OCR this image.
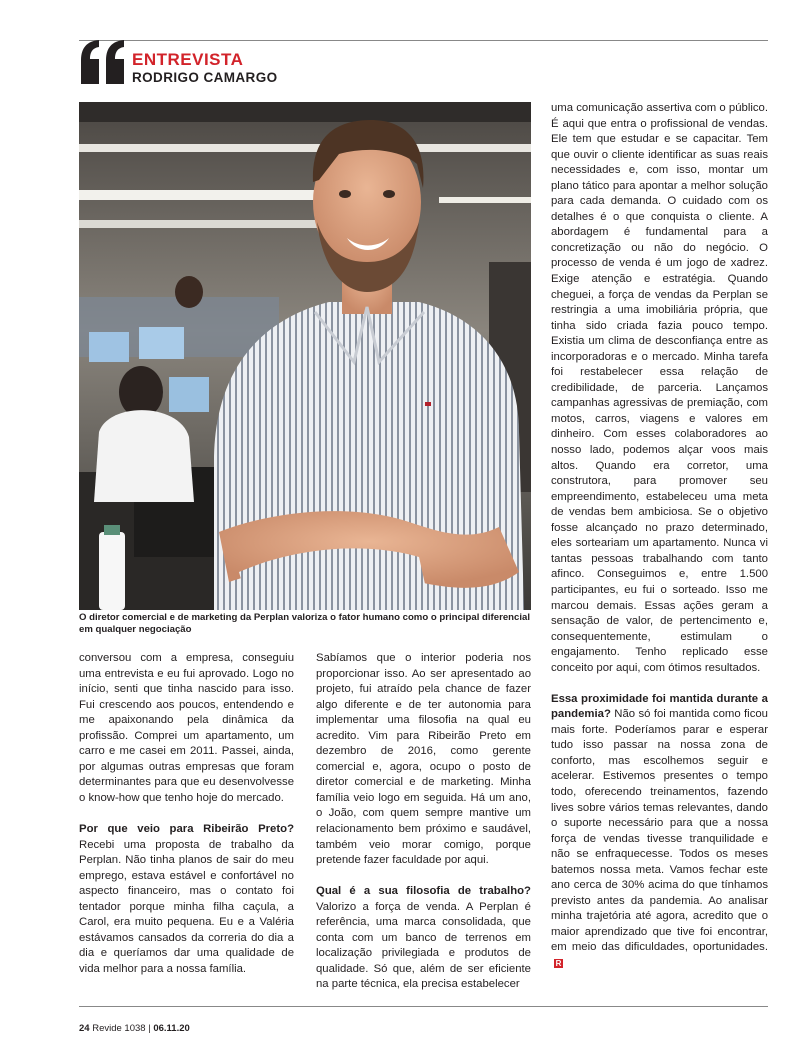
ENTREVISTA
RODRIGO CAMARGO
O diretor comercial e de marketing da Perplan valoriza o fator humano como o principal diferencial em qualquer negociação

conversou com a empresa, conseguiu uma entrevista e eu fui aprovado. Logo no início, senti que tinha nascido para isso. Fui crescendo aos poucos, entendendo e me apaixonando pela dinâmica da profissão. Comprei um apartamento, um carro e me casei em 2011. Passei, ainda, por algumas outras empresas que foram determinantes para que eu desenvolvesse o know-how que tenho hoje do mercado.

Por que veio para Ribeirão Preto? Recebi uma proposta de trabalho da Perplan. Não tinha planos de sair do meu emprego, estava estável e confortável no aspecto financeiro, mas o contato foi tentador porque minha filha caçula, a Carol, era muito pequena. Eu e a Valéria estávamos cansados da correria do dia a dia e queríamos dar uma qualidade de vida melhor para a nossa família.

Sabíamos que o interior poderia nos proporcionar isso. Ao ser apresentado ao projeto, fui atraído pela chance de fazer algo diferente e de ter autonomia para implementar uma filosofia na qual eu acredito. Vim para Ribeirão Preto em dezembro de 2016, como gerente comercial e, agora, ocupo o posto de diretor comercial e de marketing. Minha família veio logo em seguida. Há um ano, o João, com quem sempre mantive um relacionamento bem próximo e saudável, também veio morar comigo, porque pretende fazer faculdade por aqui.

Qual é a sua filosofia de trabalho? Valorizo a força de venda. A Perplan é referência, uma marca consolidada, que conta com um banco de terrenos em localização privilegiada e produtos de qualidade. Só que, além de ser eficiente na parte técnica, ela precisa estabelecer

uma comunicação assertiva com o público. É aqui que entra o profissional de vendas. Ele tem que estudar e se capacitar. Tem que ouvir o cliente identificar as suas reais necessidades e, com isso, montar um plano tático para apontar a melhor solução para cada demanda. O cuidado com os detalhes é o que conquista o cliente. A abordagem é fundamental para a concretização ou não do negócio. O processo de venda é um jogo de xadrez. Exige atenção e estratégia. Quando cheguei, a força de vendas da Perplan se restringia a uma imobiliária própria, que tinha sido criada fazia pouco tempo. Existia um clima de desconfiança entre as incorporadoras e o mercado. Minha tarefa foi restabelecer essa relação de credibilidade, de parceria. Lançamos campanhas agressivas de premiação, com motos, carros, viagens e valores em dinheiro. Com esses colaboradores ao nosso lado, podemos alçar voos mais altos. Quando era corretor, uma construtora, para promover seu empreendimento, estabeleceu uma meta de vendas bem ambiciosa. Se o objetivo fosse alcançado no prazo determinado, eles sorteariam um apartamento. Nunca vi tantas pessoas trabalhando com tanto afinco. Conseguimos e, entre 1.500 participantes, eu fui o sorteado. Isso me marcou demais. Essas ações geram a sensação de valor, de pertencimento e, consequentemente, estimulam o engajamento. Tenho replicado esse conceito por aqui, com ótimos resultados.

Essa proximidade foi mantida durante a pandemia? Não só foi mantida como ficou mais forte. Poderíamos parar e esperar tudo isso passar na nossa zona de conforto, mas escolhemos seguir e acelerar. Estivemos presentes o tempo todo, oferecendo treinamentos, fazendo lives sobre vários temas relevantes, dando o suporte necessário para que a nossa força de vendas tivesse tranquilidade e não se enfraquecesse. Todos os meses batemos nossa meta. Vamos fechar este ano cerca de 30% acima do que tínhamos previsto antes da pandemia. Ao analisar minha trajetória até agora, acredito que o maior aprendizado que tive foi encontrar, em meio das dificuldades, oportunidades.R

24 Revide 1038 | 06.11.20
